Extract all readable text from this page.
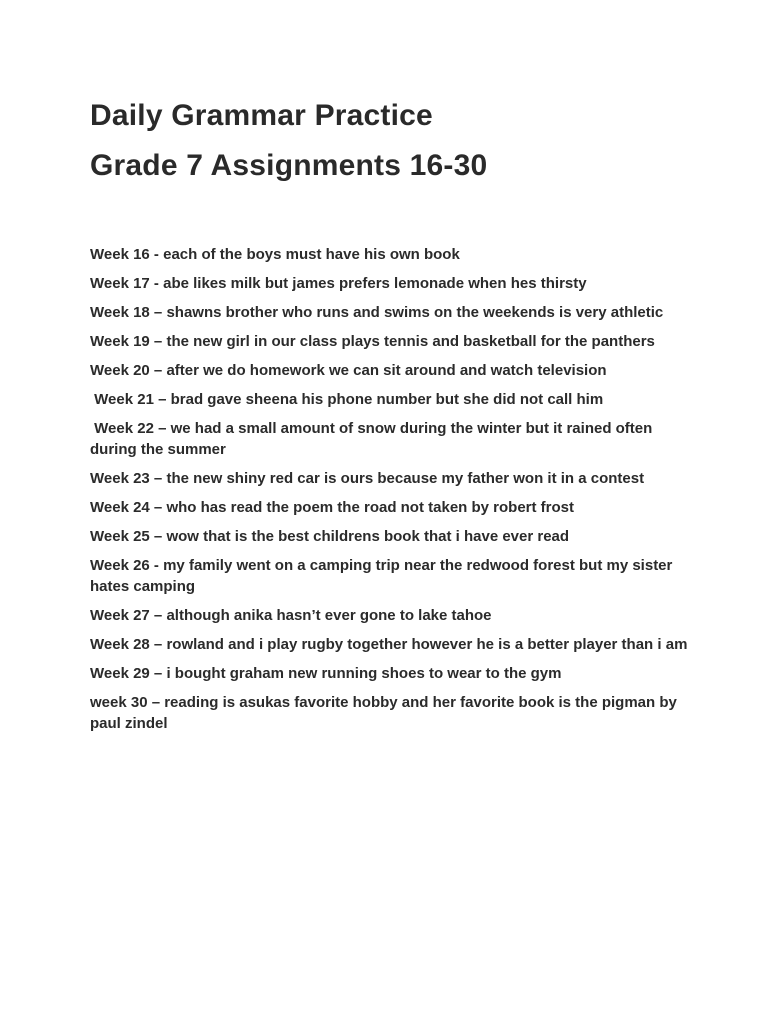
Daily Grammar Practice
Grade 7 Assignments 16-30

Week 16 - each of the boys must have his own book

Week 17 - abe likes milk but james prefers lemonade when hes thirsty

Week 18 – shawns brother who runs and swims on the weekends is very athletic

Week 19 – the new girl in our class plays tennis and basketball for the panthers

Week 20 – after we do homework we can sit around and watch television

Week 21 – brad gave sheena his phone number but she did not call him

Week 22 – we had a small amount of snow during the winter but it rained often during the summer

Week 23 – the new shiny red car is ours because my father won it in a contest

Week 24 – who has read the poem the road not taken by robert frost

Week 25 – wow that is the best childrens book that i have ever read

Week 26 - my family went on a camping trip near the redwood forest but my sister hates camping

Week 27 – although anika hasn’t ever gone to lake tahoe

Week 28 – rowland and i play rugby together however he is a better player than i am

Week 29 – i bought graham new running shoes to wear to the gym

week 30 – reading is asukas favorite hobby and her favorite book is the pigman by paul zindel
